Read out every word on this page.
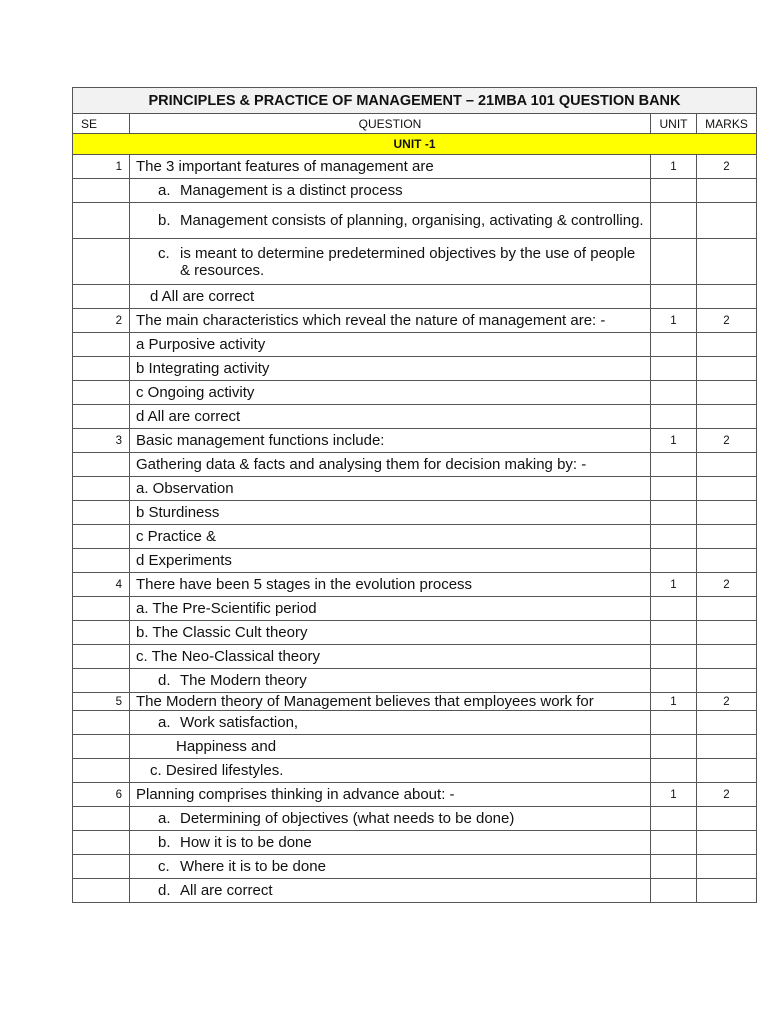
PRINCIPLES & PRACTICE OF MANAGEMENT – 21MBA 101 QUESTION BANK			
SE	QUESTION	UNIT	MARKS
UNIT -1			
1	The 3 important features of management are	1	2

	a. Management is a distinct process		

	b. Management consists of planning, organising, activating & controlling.		

	c. is meant to determine predetermined objectives by the use of people & resources.		

	d All are correct		
2	The main characteristics which reveal the nature of management are: -	1	2
	a Purposive activity		
	b Integrating activity		
	c Ongoing activity		
	d All are correct		
3	Basic management functions include:	1	2
	Gathering data & facts and analysing them for decision making by: -		
	a. Observation		
	b Sturdiness		
	c Practice &		
	d Experiments		
4	There have been 5 stages in the evolution process	1	2
	a. The Pre-Scientific period		
	b. The Classic Cult theory		
	c. The Neo-Classical theory		

	d. The Modern theory		

5	The Modern theory of Management believes that employees work for	1	2

	a. Work satisfaction,		

	Happiness and		
	c. Desired lifestyles.		
6	Planning comprises thinking in advance about: -	1	2

	a. Determining of objectives (what needs to be done)		

	b. How it is to be done		

	c. Where it is to be done		

	d. All are correct		
